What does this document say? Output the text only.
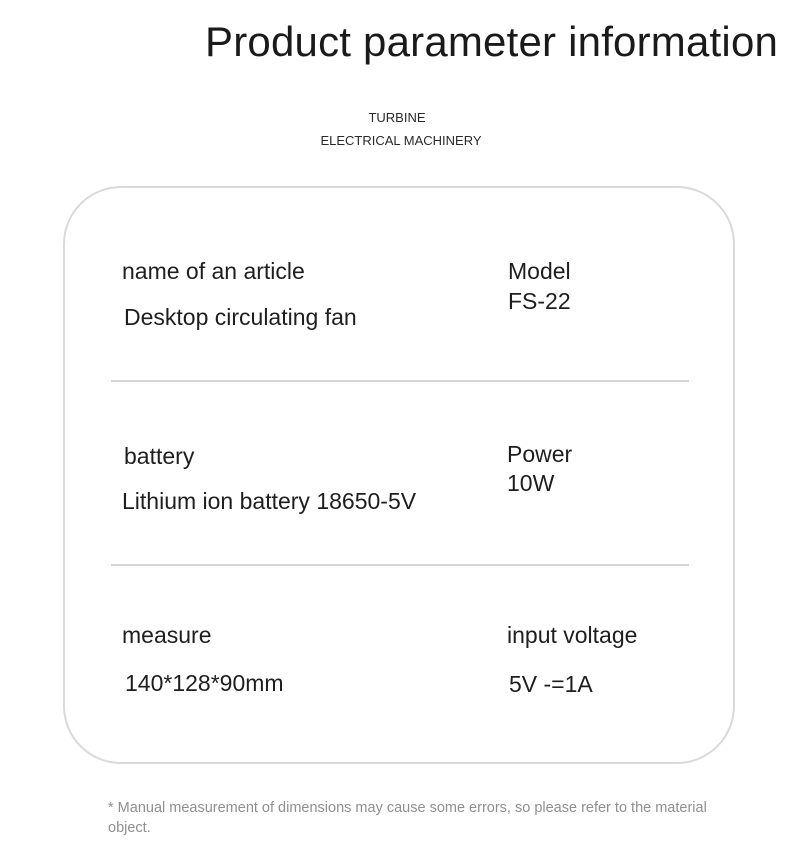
Product parameter information
TURBINE
ELECTRICAL MACHINERY
name of an article
Desktop circulating fan
Model
FS-22
battery
Lithium ion battery 18650-5V
Power
10W
measure
140*128*90mm
input voltage
5V -=1A
* Manual measurement of dimensions may cause some errors, so please refer to the material object.
